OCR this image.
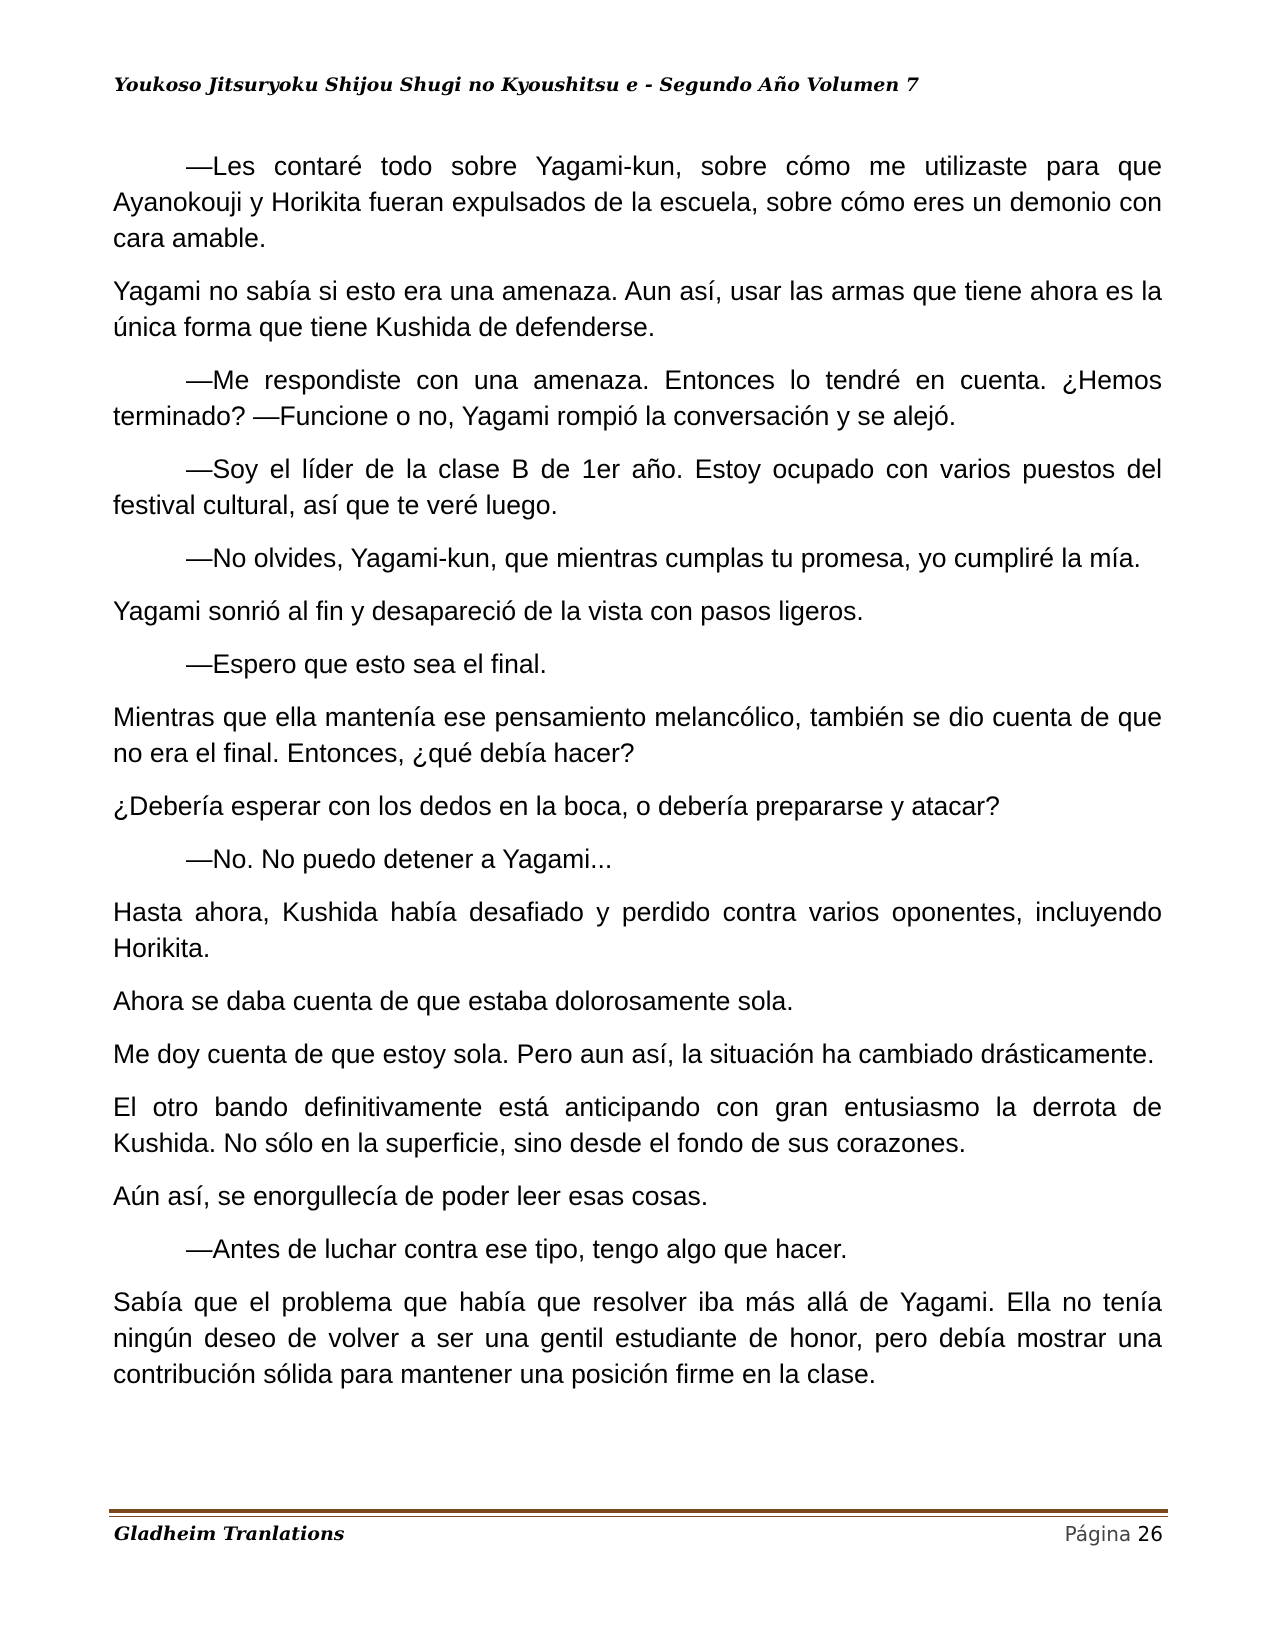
Youkoso Jitsuryoku Shijou Shugi no Kyoushitsu e - Segundo Año Volumen 7

—Les contaré todo sobre Yagami-kun, sobre cómo me utilizaste para que Ayanokouji y Horikita fueran expulsados de la escuela, sobre cómo eres un demonio con cara amable.

Yagami no sabía si esto era una amenaza. Aun así, usar las armas que tiene ahora es la única forma que tiene Kushida de defenderse.

—Me respondiste con una amenaza. Entonces lo tendré en cuenta. ¿Hemos terminado? —Funcione o no, Yagami rompió la conversación y se alejó.

—Soy el líder de la clase B de 1er año. Estoy ocupado con varios puestos del festival cultural, así que te veré luego.

—No olvides, Yagami-kun, que mientras cumplas tu promesa, yo cumpliré la mía.

Yagami sonrió al fin y desapareció de la vista con pasos ligeros.

—Espero que esto sea el final.

Mientras que ella mantenía ese pensamiento melancólico, también se dio cuenta de que no era el final. Entonces, ¿qué debía hacer?

¿Debería esperar con los dedos en la boca, o debería prepararse y atacar?

—No. No puedo detener a Yagami...

Hasta ahora, Kushida había desafiado y perdido contra varios oponentes, incluyendo Horikita.

Ahora se daba cuenta de que estaba dolorosamente sola.

Me doy cuenta de que estoy sola. Pero aun así, la situación ha cambiado drásticamente.

El otro bando definitivamente está anticipando con gran entusiasmo la derrota de Kushida. No sólo en la superficie, sino desde el fondo de sus corazones.

Aún así, se enorgullecía de poder leer esas cosas.

—Antes de luchar contra ese tipo, tengo algo que hacer.

Sabía que el problema que había que resolver iba más allá de Yagami. Ella no tenía ningún deseo de volver a ser una gentil estudiante de honor, pero debía mostrar una contribución sólida para mantener una posición firme en la clase.

Gladheim Tranlations	Página 26
